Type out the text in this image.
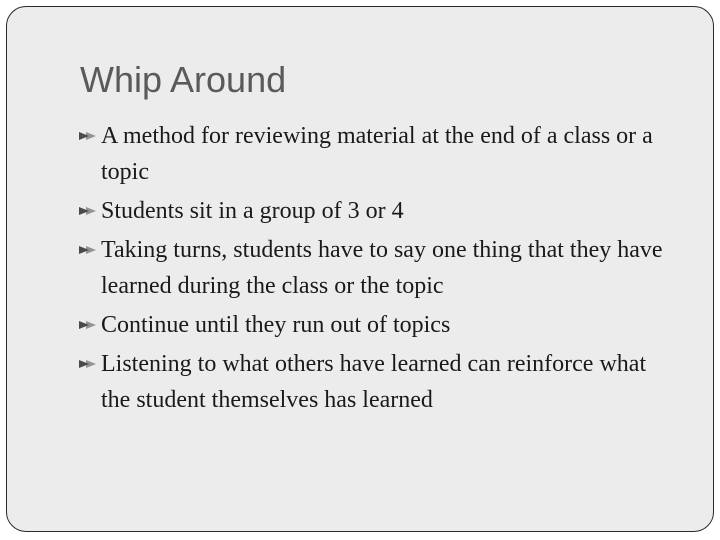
Whip Around
A method for reviewing material at the end of a class or a topic
Students sit in a group of 3 or 4
Taking turns, students have to say one thing that they have learned during the class or the topic
Continue until they run out of topics
Listening to what others have learned can reinforce what the student themselves has learned
